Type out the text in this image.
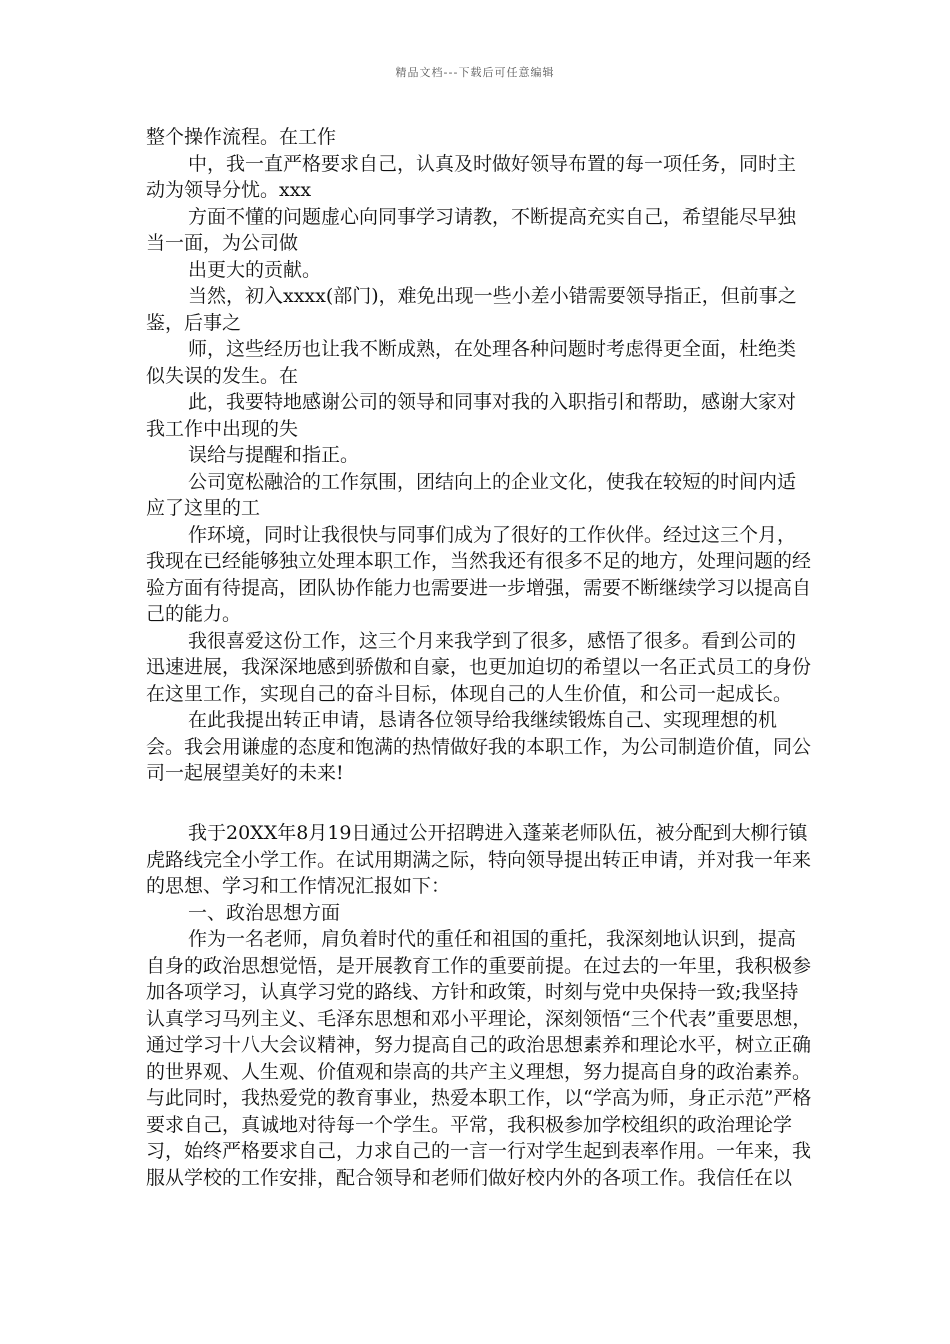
精品文档---下载后可任意编辑

整个操作流程。在工作

中，我一直严格要求自己，认真及时做好领导布置的每一项任务，同时主动为领导分忧。xxx

方面不懂的问题虚心向同事学习请教，不断提高充实自己，希望能尽早独当一面，为公司做

出更大的贡献。

当然，初入xxxx(部门)，难免出现一些小差小错需要领导指正，但前事之鉴，后事之

师，这些经历也让我不断成熟，在处理各种问题时考虑得更全面，杜绝类似失误的发生。在

此，我要特地感谢公司的领导和同事对我的入职指引和帮助，感谢大家对我工作中出现的失

误给与提醒和指正。

公司宽松融洽的工作氛围，团结向上的企业文化，使我在较短的时间内适应了这里的工

作环境，同时让我很快与同事们成为了很好的工作伙伴。经过这三个月，我现在已经能够独立处理本职工作，当然我还有很多不足的地方，处理问题的经验方面有待提高，团队协作能力也需要进一步增强，需要不断继续学习以提高自己的能力。

我很喜爱这份工作，这三个月来我学到了很多，感悟了很多。看到公司的迅速进展，我深深地感到骄傲和自豪，也更加迫切的希望以一名正式员工的身份在这里工作，实现自己的奋斗目标，体现自己的人生价值，和公司一起成长。

在此我提出转正申请，恳请各位领导给我继续锻炼自己、实现理想的机会。我会用谦虚的态度和饱满的热情做好我的本职工作，为公司制造价值，同公司一起展望美好的未来!

我于20XX年8月19日通过公开招聘进入蓬莱老师队伍，被分配到大柳行镇虎路线完全小学工作。在试用期满之际，特向领导提出转正申请，并对我一年来的思想、学习和工作情况汇报如下：

一、政治思想方面

作为一名老师，肩负着时代的重任和祖国的重托，我深刻地认识到，提高自身的政治思想觉悟，是开展教育工作的重要前提。在过去的一年里，我积极参加各项学习，认真学习党的路线、方针和政策，时刻与党中央保持一致;我坚持认真学习马列主义、毛泽东思想和邓小平理论，深刻领悟“三个代表”重要思想，通过学习十八大会议精神，努力提高自己的政治思想素养和理论水平，树立正确的世界观、人生观、价值观和崇高的共产主义理想，努力提高自身的政治素养。与此同时，我热爱党的教育事业，热爱本职工作，以“学高为师，身正示范”严格要求自己，真诚地对待每一个学生。平常，我积极参加学校组织的政治理论学习，始终严格要求自己，力求自己的一言一行对学生起到表率作用。一年来，我服从学校的工作安排，配合领导和老师们做好校内外的各项工作。我信任在以
